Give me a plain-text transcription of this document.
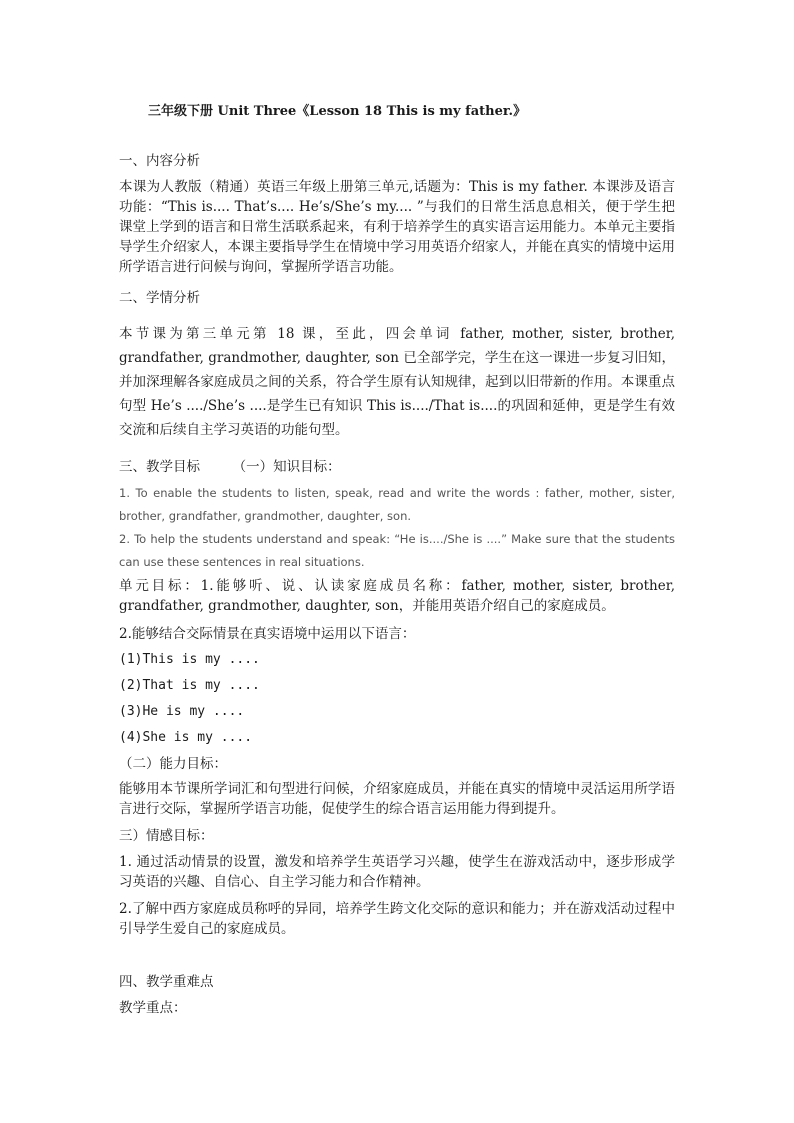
三年级下册 Unit Three《Lesson 18 This is my father.》
一、内容分析
本课为人教版（精通）英语三年级上册第三单元,话题为：This is my father. 本课涉及语言功能：“This is.... That’s.... He’s/She’s my.... ”与我们的日常生活息息相关，便于学生把课堂上学到的语言和日常生活联系起来，有利于培养学生的真实语言运用能力。本单元主要指导学生介绍家人，本课主要指导学生在情境中学习用英语介绍家人，并能在真实的情境中运用所学语言进行问候与询问，掌握所学语言功能。
二、学情分析
本节课为第三单元第 18 课，至此，四会单词 father, mother, sister, brother, grandfather, grandmother, daughter, son 已全部学完，学生在这一课进一步复习旧知，并加深理解各家庭成员之间的关系，符合学生原有认知规律，起到以旧带新的作用。本课重点句型 He’s ..../She’s ....是学生已有知识 This is..../That is....的巩固和延伸，更是学生有效交流和后续自主学习英语的功能句型。
三、教学目标 （一）知识目标：
1. To enable the students to listen, speak, read and write the words : father, mother, sister, brother, grandfather, grandmother, daughter, son.
2. To help the students understand and speak: “He is..../She is ....” Make sure that the students can use these sentences in real situations.
单元目标：1.能够听、说、认读家庭成员名称：father, mother, sister, brother, grandfather, grandmother, daughter, son，并能用英语介绍自己的家庭成员。
2.能够结合交际情景在真实语境中运用以下语言：
(1)This is my ....
(2)That is my ....
(3)He is my ....
(4)She is my ....
（二）能力目标：
能够用本节课所学词汇和句型进行问候，介绍家庭成员，并能在真实的情境中灵活运用所学语言进行交际，掌握所学语言功能，促使学生的综合语言运用能力得到提升。
三）情感目标：
1. 通过活动情景的设置，激发和培养学生英语学习兴趣，使学生在游戏活动中，逐步形成学习英语的兴趣、自信心、自主学习能力和合作精神。
2.了解中西方家庭成员称呼的异同，培养学生跨文化交际的意识和能力；并在游戏活动过程中引导学生爱自己的家庭成员。
四、教学重难点
教学重点：
